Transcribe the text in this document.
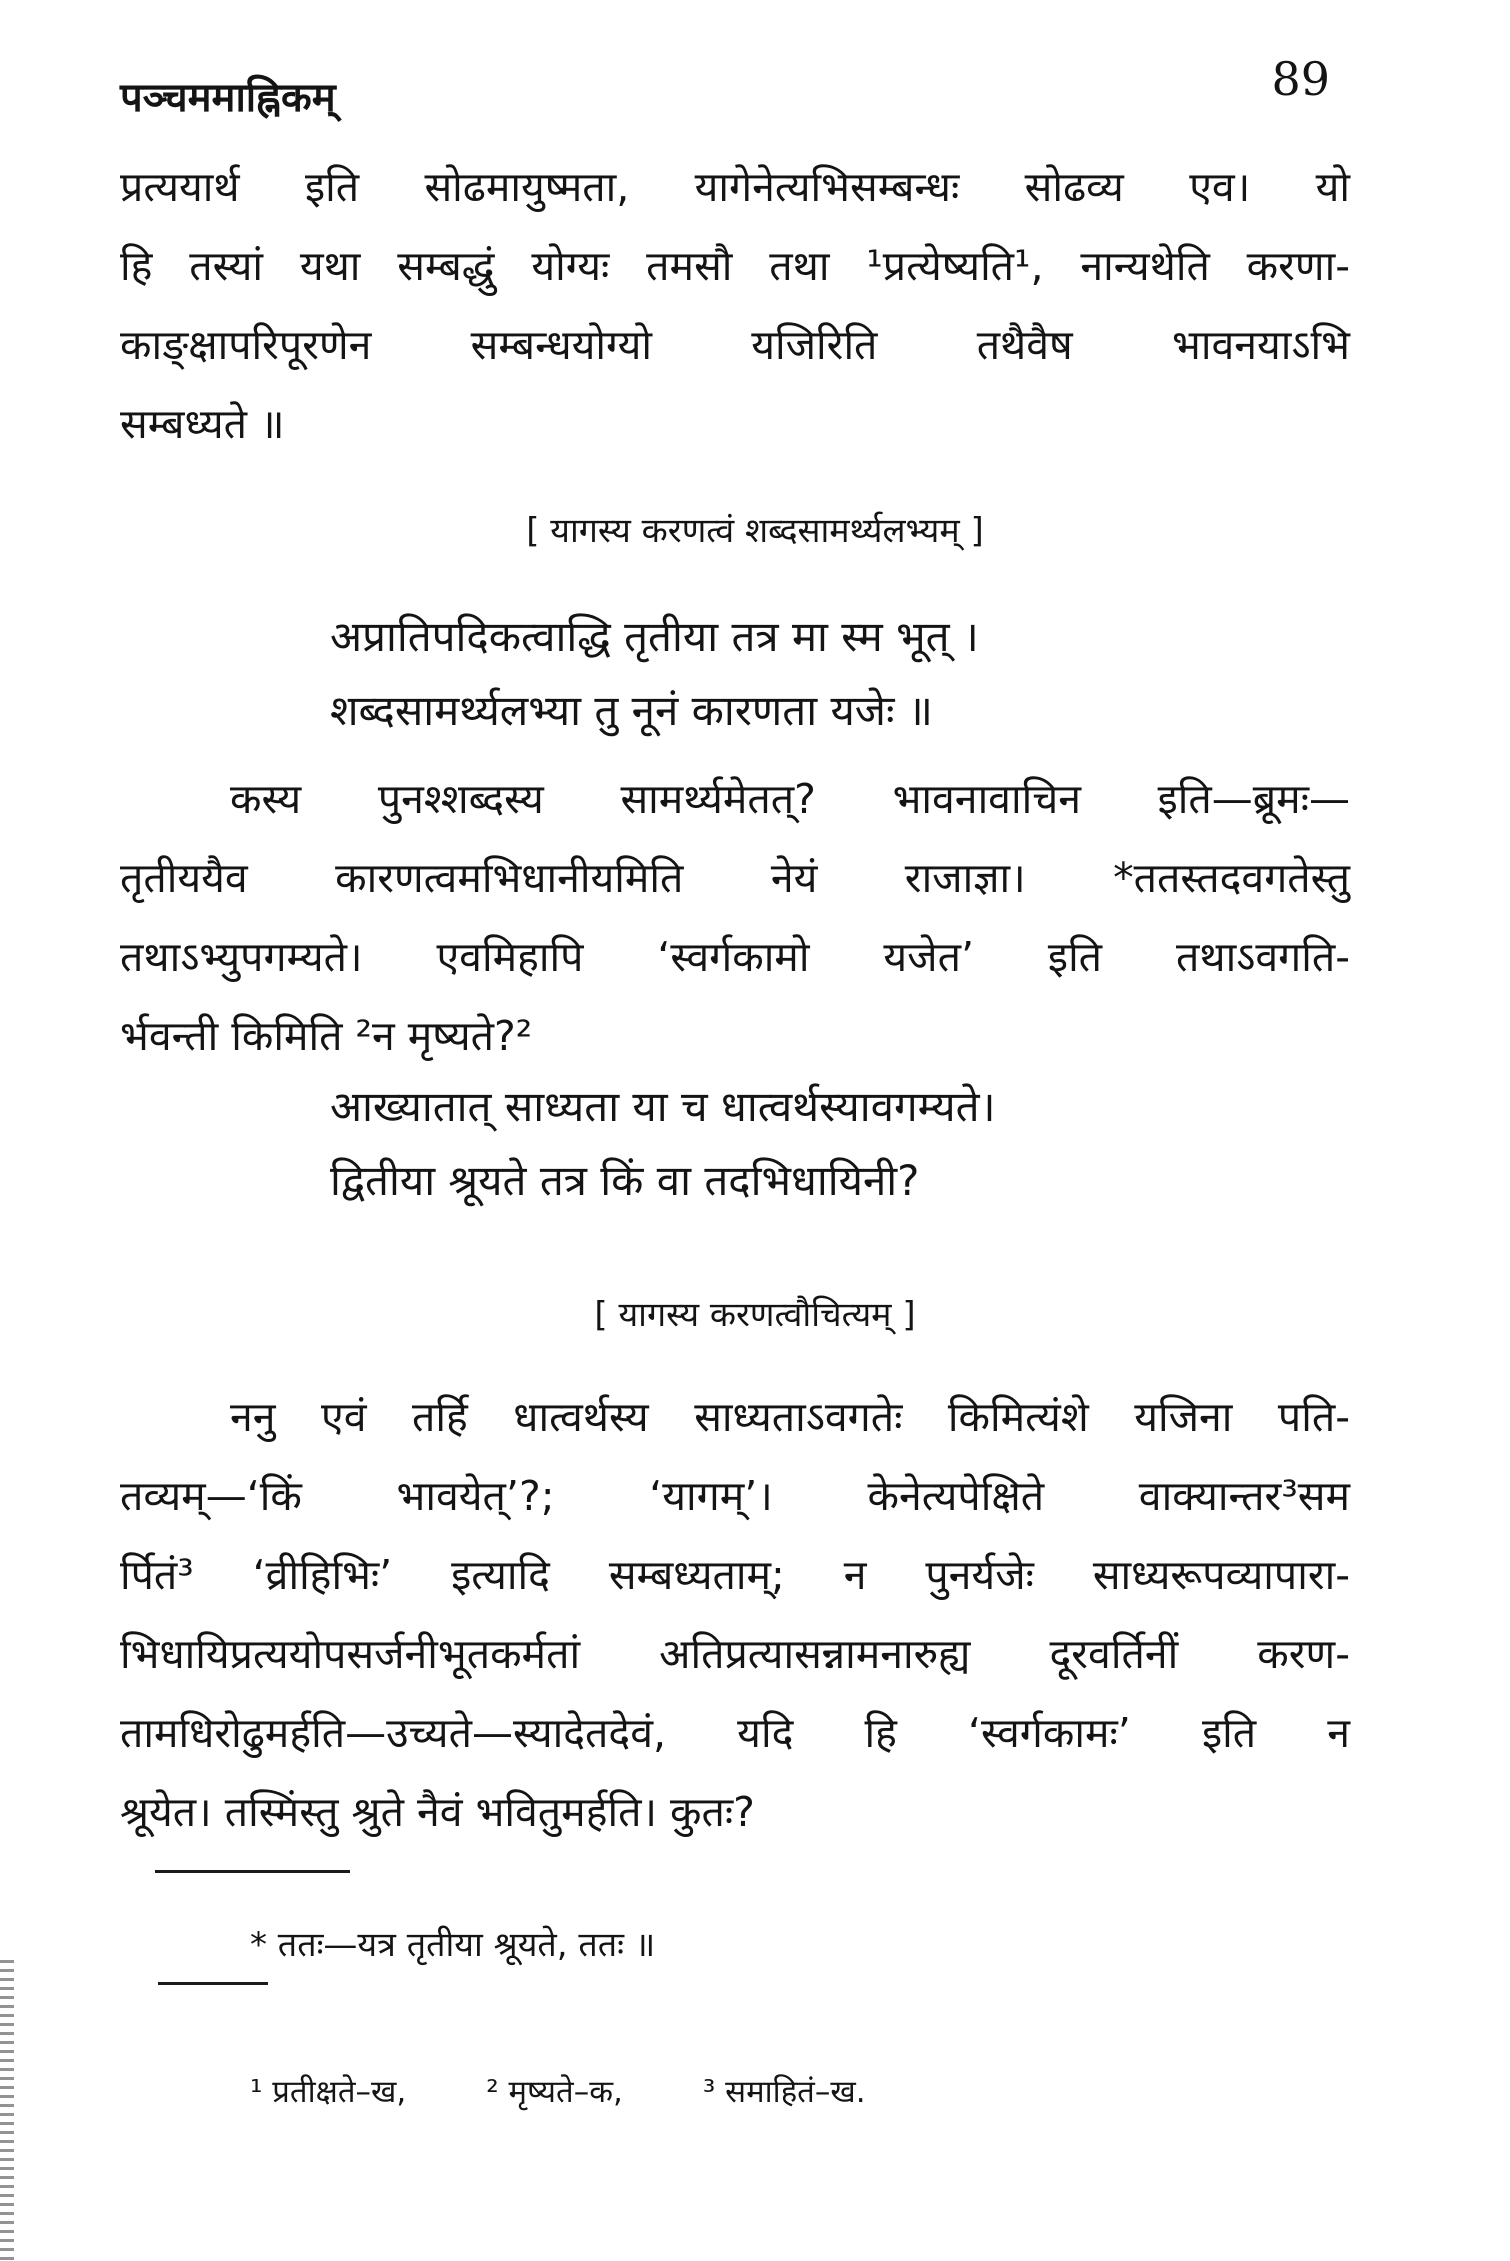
पञ्चममाह्निकम्	89
प्रत्ययार्थ इति सोढमायुष्मता, यागेनेत्यभिसम्बन्धः सोढव्य एव। यो
हि तस्यां यथा सम्बद्धुं योग्यः तमसौ तथा ¹प्रत्येष्यति¹, नान्यथेति करणा-
काङ्क्षापरिपूरणेन सम्बन्धयोग्यो यजिरिति तथैवैष भावनयाऽभि
सम्बध्यते ॥
[ यागस्य करणत्वं शब्दसामर्थ्यलभ्यम् ]
अप्रातिपदिकत्वाद्धि तृतीया तत्र मा स्म भूत् ।
शब्दसामर्थ्यलभ्या तु नूनं कारणता यजेः ॥
कस्य पुनश्शब्दस्य सामर्थ्यमेतत्? भावनावाचिन इति—ब्रूमः—
तृतीययैव कारणत्वमभिधानीयमिति नेयं राजाज्ञा। *ततस्तदवगतेस्तु
तथाऽभ्युपगम्यते। एवमिहापि ‘स्वर्गकामो यजेत’ इति तथाऽवगति-
र्भवन्ती किमिति ²न मृष्यते?²
आख्यातात् साध्यता या च धात्वर्थस्यावगम्यते।
द्वितीया श्रूयते तत्र किं वा तदभिधायिनी?
[ यागस्य करणत्वौचित्यम् ]
ननु एवं तर्हि धात्वर्थस्य साध्यताऽवगतेः किमित्यंशे यजिना पति-
तव्यम्—‘किं भावयेत्’?; ‘यागम्’। केनेत्यपेक्षिते वाक्यान्तर³सम
र्पितं³ ‘व्रीहिभिः’ इत्यादि सम्बध्यताम्; न पुनर्यजेः साध्यरूपव्यापारा-
भिधायिप्रत्ययोपसर्जनीभूतकर्मतां अतिप्रत्यासन्नामनारुह्य दूरवर्तिनीं करण-
तामधिरोढुमर्हति—उच्यते—स्यादेतदेवं, यदि हि ‘स्वर्गकामः’ इति न
श्रूयेत। तस्मिंस्तु श्रुते नैवं भवितुमर्हति। कुतः?
* ततः—यत्र तृतीया श्रूयते, ततः ॥
¹ प्रतीक्षते–ख,	² मृष्यते–क,	³ समाहितं–ख.
